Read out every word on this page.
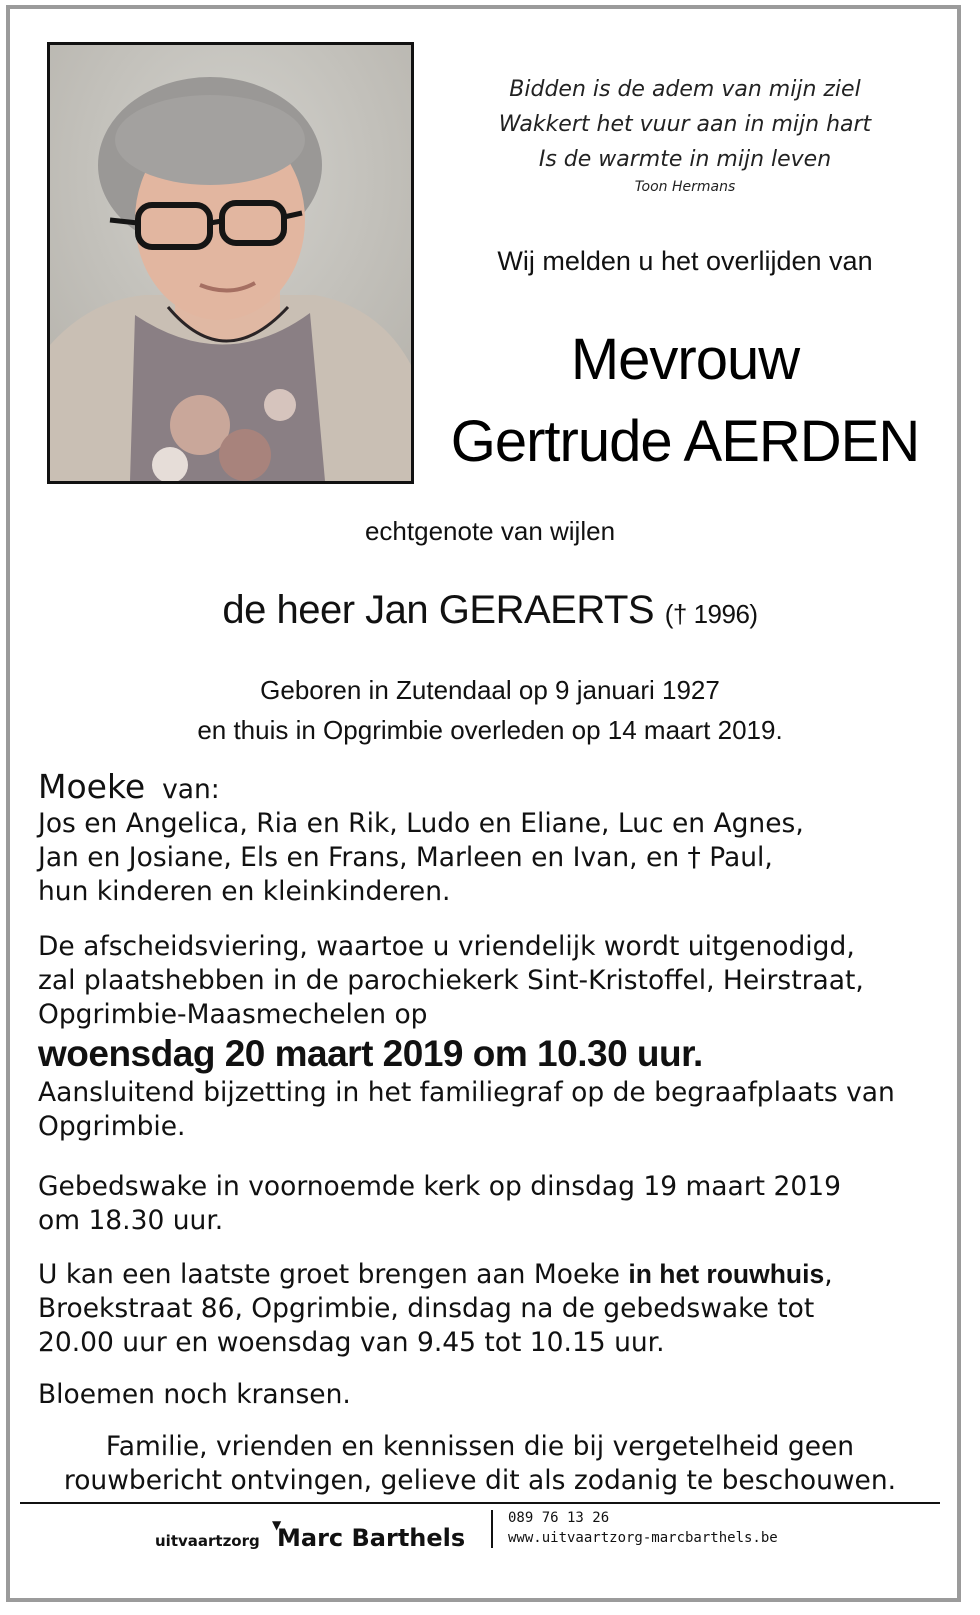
Bidden is de adem van mijn ziel
Wakkert het vuur aan in mijn hart
Is de warmte in mijn leven
Toon Hermans
Wij melden u het overlijden van
Mevrouw
Gertrude AERDEN
echtgenote van wijlen
de heer Jan GERAERTS († 1996)
Geboren in Zutendaal op 9 januari 1927
en thuis in Opgrimbie overleden op 14 maart 2019.
Moeke van:
Jos en Angelica, Ria en Rik, Ludo en Eliane, Luc en Agnes,
Jan en Josiane, Els en Frans, Marleen en Ivan, en † Paul,
hun kinderen en kleinkinderen.
De afscheidsviering, waartoe u vriendelijk wordt uitgenodigd,
zal plaatshebben in de parochiekerk Sint-Kristoffel, Heirstraat,
Opgrimbie-Maasmechelen op
woensdag 20 maart 2019 om 10.30 uur.
Aansluitend bijzetting in het familiegraf op de begraafplaats van
Opgrimbie.
Gebedswake in voornoemde kerk op dinsdag 19 maart 2019
om 18.30 uur.
U kan een laatste groet brengen aan Moeke in het rouwhuis,
Broekstraat 86, Opgrimbie, dinsdag na de gebedswake tot
20.00 uur en woensdag van 9.45 tot 10.15 uur.
Bloemen noch kransen.
Familie, vrienden en kennissen die bij vergetelheid geen
rouwbericht ontvingen, gelieve dit als zodanig te beschouwen.
uitvaartzorg
▼
Marc Barthels
089 76 13 26
www.uitvaartzorg-marcbarthels.be
